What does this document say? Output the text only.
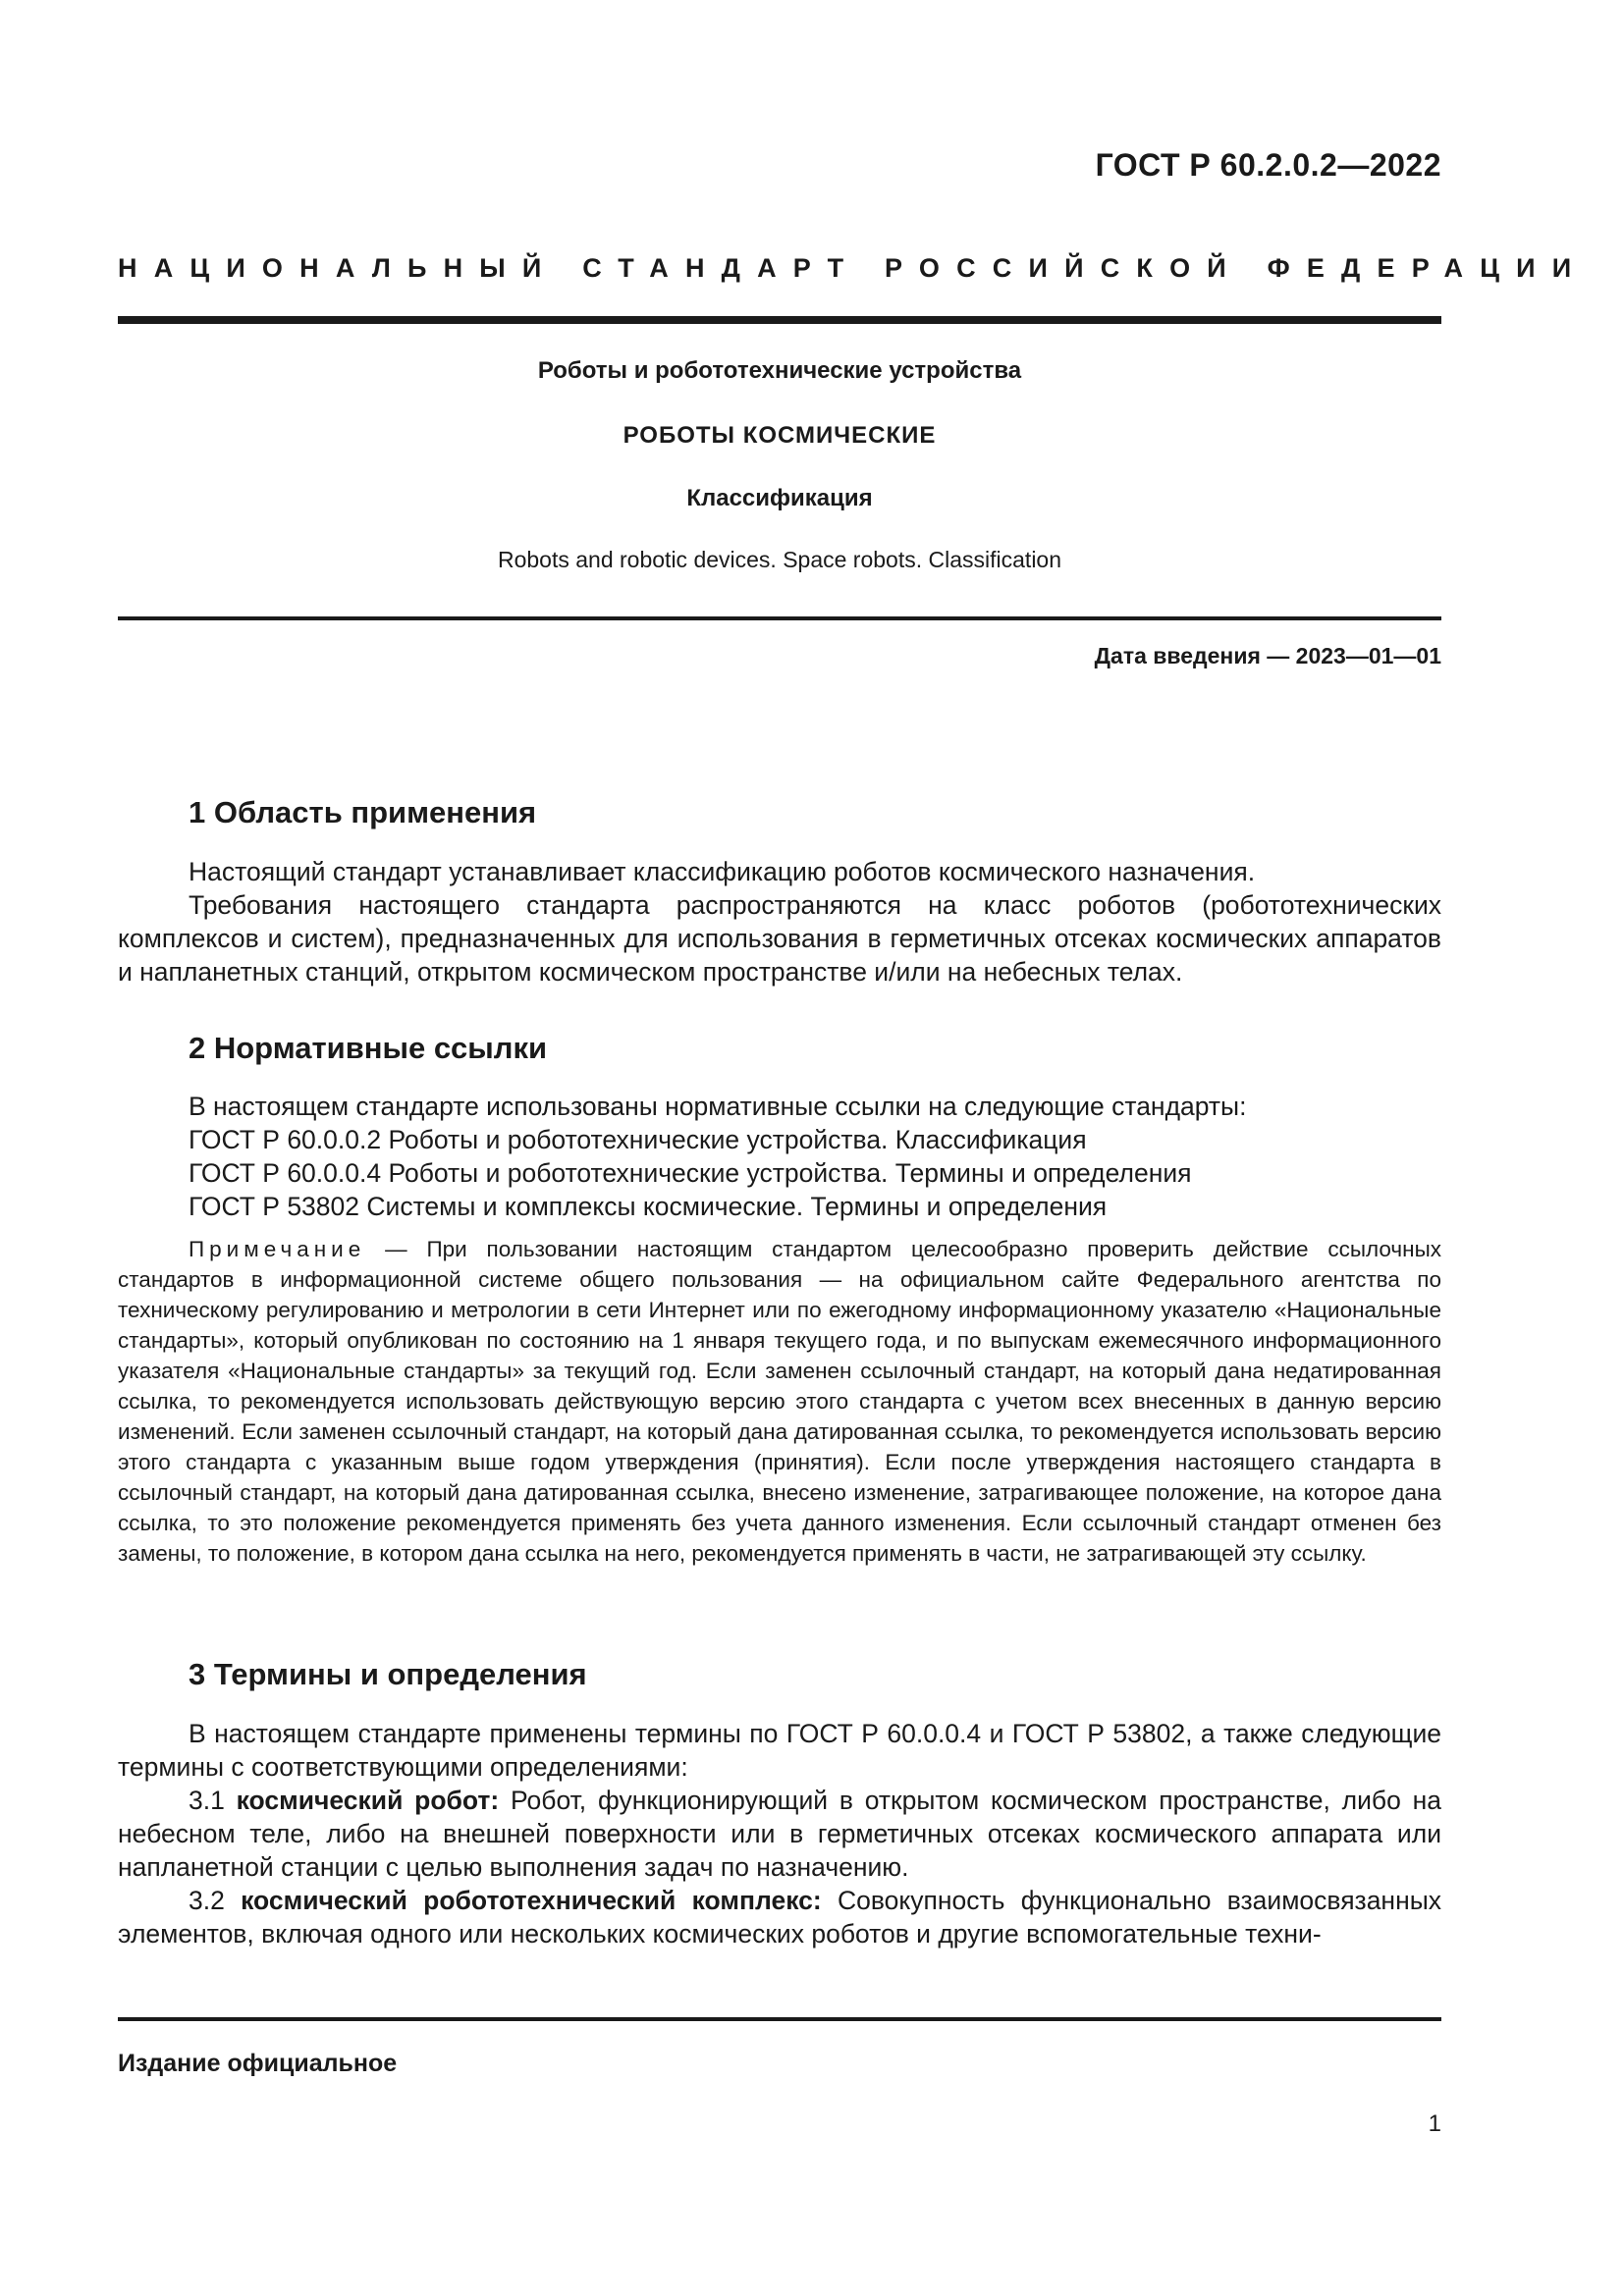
ГОСТ Р 60.2.0.2—2022
НАЦИОНАЛЬНЫЙ СТАНДАРТ РОССИЙСКОЙ ФЕДЕРАЦИИ
Роботы и робототехнические устройства
РОБОТЫ КОСМИЧЕСКИЕ
Классификация
Robots and robotic devices. Space robots. Classification
Дата введения — 2023—01—01
1 Область применения
Настоящий стандарт устанавливает классификацию роботов космического назначения.
Требования настоящего стандарта распространяются на класс роботов (робототехнических комплексов и систем), предназначенных для использования в герметичных отсеках космических аппаратов и напланетных станций, открытом космическом пространстве и/или на небесных телах.
2 Нормативные ссылки
В настоящем стандарте использованы нормативные ссылки на следующие стандарты:
ГОСТ Р 60.0.0.2 Роботы и робототехнические устройства. Классификация
ГОСТ Р 60.0.0.4 Роботы и робототехнические устройства. Термины и определения
ГОСТ Р 53802 Системы и комплексы космические. Термины и определения
Примечание — При пользовании настоящим стандартом целесообразно проверить действие ссылочных стандартов в информационной системе общего пользования — на официальном сайте Федерального агентства по техническому регулированию и метрологии в сети Интернет или по ежегодному информационному указателю «Национальные стандарты», который опубликован по состоянию на 1 января текущего года, и по выпускам ежемесячного информационного указателя «Национальные стандарты» за текущий год. Если заменен ссылочный стандарт, на который дана недатированная ссылка, то рекомендуется использовать действующую версию этого стандарта с учетом всех внесенных в данную версию изменений. Если заменен ссылочный стандарт, на который дана датированная ссылка, то рекомендуется использовать версию этого стандарта с указанным выше годом утверждения (принятия). Если после утверждения настоящего стандарта в ссылочный стандарт, на который дана датированная ссылка, внесено изменение, затрагивающее положение, на которое дана ссылка, то это положение рекомендуется применять без учета данного изменения. Если ссылочный стандарт отменен без замены, то положение, в котором дана ссылка на него, рекомендуется применять в части, не затрагивающей эту ссылку.
3 Термины и определения
В настоящем стандарте применены термины по ГОСТ Р 60.0.0.4 и ГОСТ Р 53802, а также следующие термины с соответствующими определениями:
3.1 космический робот: Робот, функционирующий в открытом космическом пространстве, либо на небесном теле, либо на внешней поверхности или в герметичных отсеках космического аппарата или напланетной станции с целью выполнения задач по назначению.
3.2 космический робототехнический комплекс: Совокупность функционально взаимосвязанных элементов, включая одного или нескольких космических роботов и другие вспомогательные техни-
Издание официальное
1
